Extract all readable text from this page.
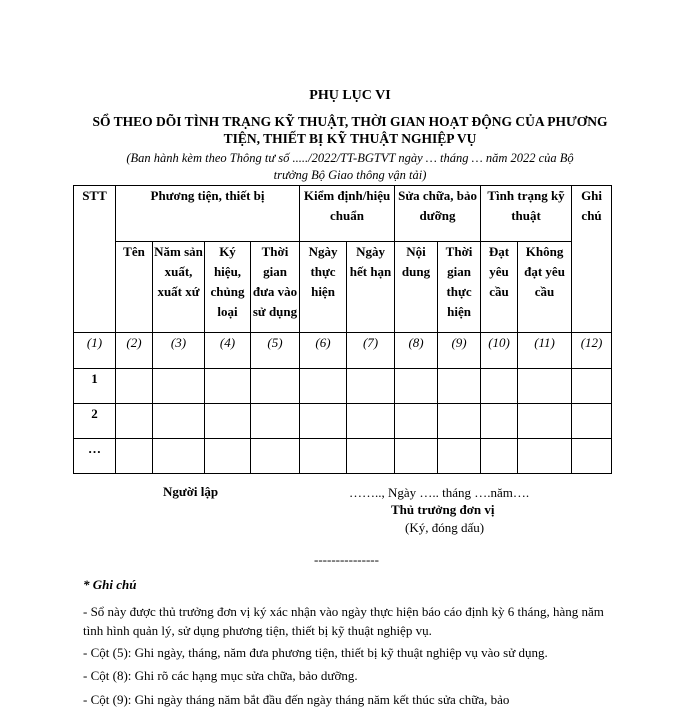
PHỤ LỤC VI
SỔ THEO DÕI TÌNH TRẠNG KỸ THUẬT, THỜI GIAN HOẠT ĐỘNG CỦA PHƯƠNG
TIỆN, THIẾT BỊ KỸ THUẬT NGHIỆP VỤ
(Ban hành kèm theo Thông tư số ...../2022/TT-BGTVT ngày … tháng … năm 2022 của Bộ
trưởng Bộ Giao thông vận tải)
STT	Phương tiện, thiết bị				Kiểm định/hiệu chuẩn		Sửa chữa, bảo dưỡng		Tình trạng kỹ thuật		Ghi chú
	Tên	Năm sản xuất, xuất xứ	Ký hiệu, chủng loại	Thời gian đưa vào sử dụng	Ngày thực hiện	Ngày hết hạn	Nội dung	Thời gian thực hiện	Đạt yêu cầu	Không đạt yêu cầu	
(1)	(2)	(3)	(4)	(5)	(6)	(7)	(8)	(9)	(10)	(11)	(12)
1											
2											
…											
Người lập	…….., Ngày ….. tháng ….năm….
Thủ trưởng đơn vị
(Ký, đóng dấu)
---------------
* Ghi chú
- Sổ này được thủ trưởng đơn vị ký xác nhận vào ngày thực hiện báo cáo định kỳ 6 tháng, hàng năm tình hình quản lý, sử dụng phương tiện, thiết bị kỹ thuật nghiệp vụ.
- Cột (5): Ghi ngày, tháng, năm đưa phương tiện, thiết bị kỹ thuật nghiệp vụ vào sử dụng.
- Cột (8): Ghi rõ các hạng mục sửa chữa, bảo dưỡng.
- Cột (9): Ghi ngày tháng năm bắt đầu đến ngày tháng năm kết thúc sửa chữa, bảo
